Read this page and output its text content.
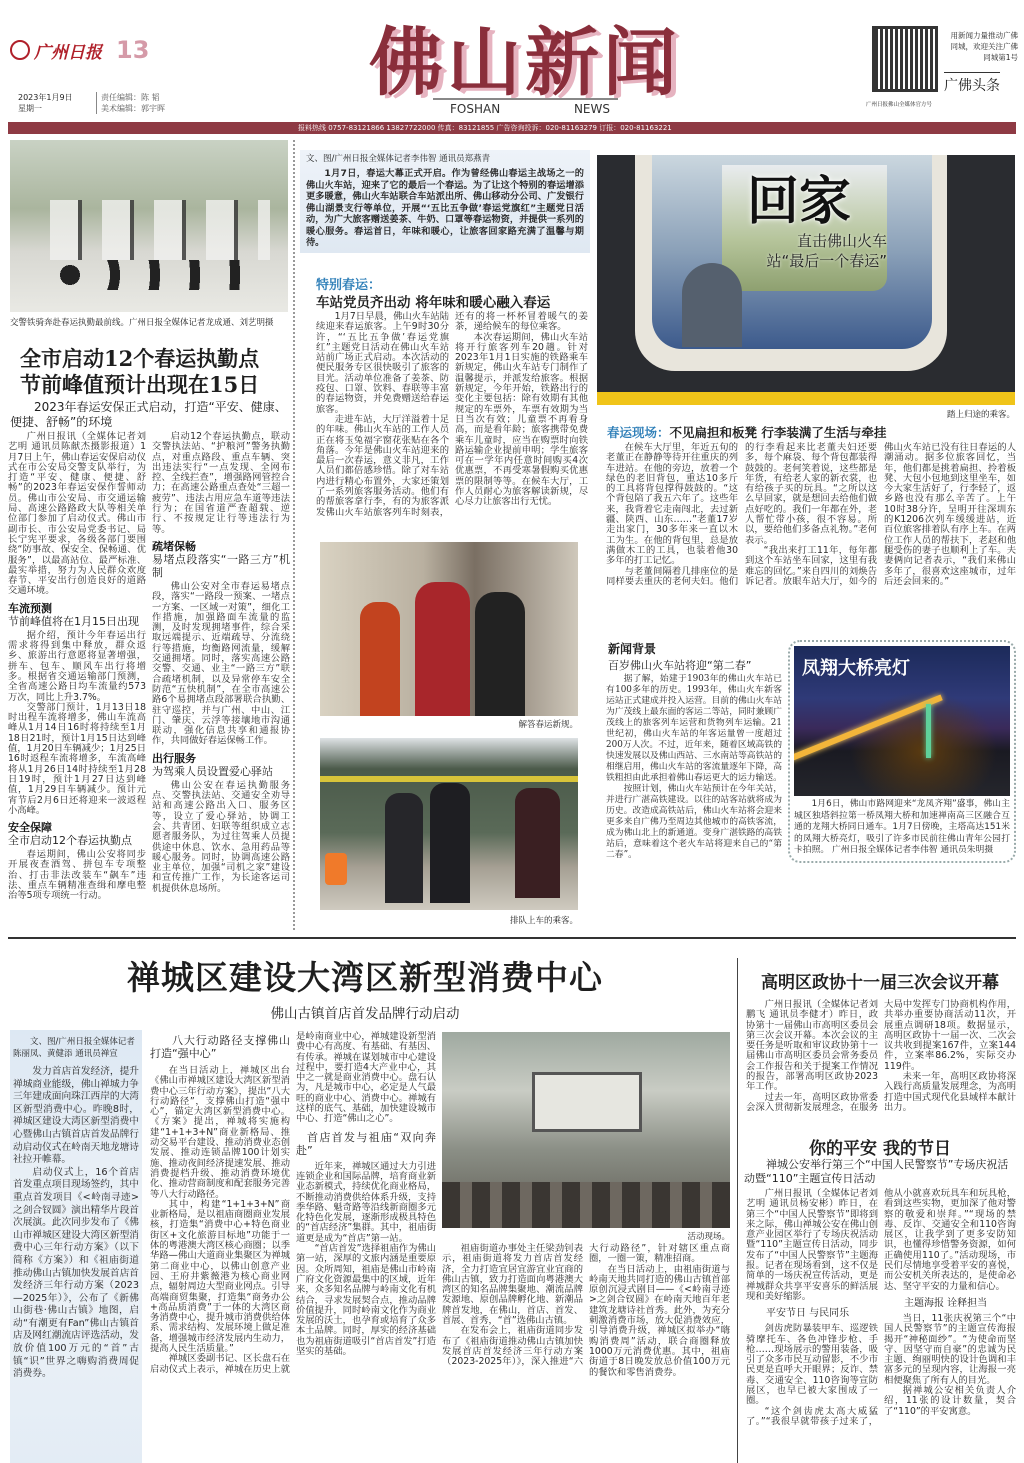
广州日报 13
2023年1月9日
星期一
责任编辑：陈 韬
美术编辑：郭宇晖
佛山新闻
FOSHAN	NEWS
用新闻力量推动广佛同城，欢迎关注广佛同城第1号
广佛头条
广州日报佛山全媒体官方号
报料热线 0757-83121866 13827722000 传真：83121855 广告咨询投诉：020-81163279 订报：020-81163221
交警铁骑奔赴春运执勤最前线。广州日报全媒体记者龙成通、刘艺明摄
全市启动12个春运执勤点
节前峰值预计出现在15日
2023年春运安保正式启动，打造“平安、健康、便捷、舒畅”的环境

广州日报讯（全媒体记者刘艺明 通讯员陈献杰摄影报道）1月7日上午，佛山春运安保启动仪式在市公安局交警支队举行，为打造“平安、健康、便捷、舒畅”的2023年春运安保作誓师动员。佛山市公安局、市交通运输局、高速公路路政大队等相关单位部门参加了启动仪式。佛山市副市长、市公安局党委书记、局长宁宪平要求，各级各部门要围绕“防事故、保安全、保畅通、优服务”，以最高站位、最严标准、最实举措，努力为人民群众欢度春节、平安出行创造良好的道路交通环境。

车流预测
节前峰值将在1月15日出现

据介绍，预计今年春运出行需求将得到集中释放，群众返乡、旅游出行意愿将显著增强，拼车、包车、顺风车出行将增多。根据省交通运输部门预测，全省高速公路日均车流量约573万次，同比上升3.7%。

交警部门预计，1月13日18时出程车流将增多，佛山车流高峰从1月14日16时将持续至1月18日21时，预计1月15日达到峰值，1月20日车辆减少；1月25日16时返程车流将增多，车流高峰将从1月26日14时持续至1月28日19时，预计1月27日达到峰值，1月29日车辆减少。预计元宵节后2月6日还将迎来一波返程小高峰。

安全保障
全市启动12个春运执勤点

春运期间，佛山公安将同步开展夜查酒驾、拼包车专项整治、打击非法改装车“飙车”违法、重点车辆精准查缉和摩电整治等5项专项统一行动。

启动12个春运执勤点，联动交警执法站、“护粮河”警务执勤点，对重点路段、重点车辆、突出违法实行“一点发现、全网布控、全线拦查”，增强路网管控合力；在高速公路重点查处“三超一疲劳”、违法占用应急车道等违法行为；在国省道严查超载、逆行、不按规定让行等违法行为等。

疏堵保畅
易堵点段落实“一路三方”机制

佛山公安对全市春运易堵点段，落实“一路段一预案、一堵点一方案、一区域一对策”，细化工作措施，加强路面车流量的监测，及时发现拥堵事件，综合采取远端提示、近端疏导、分流绕行等措施，均衡路网流量，缓解交通拥堵。同时，落实高速公路交警、交通、业主“一路三方”联合疏堵机制，以及异常停车安全防范“五快机制”，在全市高速公路6个易拥堵点段部署联合执勤、驻守巡控，并与广州、中山、江门、肇庆、云浮等接壤地市沟通联动，强化信息共享和通报协作，共同做好春运保畅工作。

出行服务
为驾乘人员设置爱心驿站

佛山公安在春运执勤服务点、交警执法站、交通安全劝导站和高速公路出入口、服务区等，设立了爱心驿站，协调工会、共青团、妇联等组织成立志愿者服务队，为过往驾乘人员提供途中休息、饮水、急用药品等暖心服务。同时，协调高速公路业主单位，加强“司机之家”建设和宣传推广工作，为长途客运司机提供休息场所。

文、图/广州日报全媒体记者李伟智 通讯员郑燕青
1月7日，春运大幕正式开启。作为曾经佛山春运主战场之一的佛山火车站，迎来了它的最后一个春运。为了让这个特别的春运增添更多暖意，佛山火车站联合车站派出所、佛山移动分公司、广发银行佛山湖景支行等单位，开展“‘五比五争做’春运党旗红”主题党日活动，为广大旅客赠送姜茶、牛奶、口罩等春运物资，并提供一系列的暖心服务。春运首日，年味和暖心，让旅客回家路充满了温馨与期待。
特别春运：
车站党员齐出动 将年味和暖心融入春运

1月7日早晨，佛山火车站陆续迎来春运旅客。上午9时30分许，“‘五比五争做’春运党旗红”主题党日活动在佛山火车站站前广场正式启动。本次活动的便民服务专区很快吸引了旅客的目光。活动单位准备了姜茶、防疫包、口罩、饮料、春联等丰富的春运物资，并免费赠送给春运旅客。

走进车站，大厅洋溢着十足的年味。佛山火车站的工作人员正在将玉兔福字窗花张贴在各个角落。今年是佛山火车站迎来的最后一次春运，意义非凡，工作人员们都倍感珍惜。除了对车站内进行精心布置外，大家还策划了一系列旅客服务活动。他们有的帮旅客拿行李，有的为旅客派发佛山火车站旅客列车时刻表，还有的将一杯杯冒着暖气的姜茶，递给候车的每位乘客。

本次春运期间，佛山火车站将开行旅客列车20趟。针对2023年1月1日实施的铁路乘车新规定，佛山火车站专门制作了温馨提示，并派发给旅客。根据新规定，今年开始，铁路出行的变化主要包括：除有效期有其他规定的车票外，车票有效期为当日当次有效；儿童票不再看身高，而是看年龄；旅客携带免费乘车儿童时，应当在购票时向铁路运输企业提前申明；学生旅客可在一学年内任意时间购买4次优惠票，不再受寒暑假购买优惠票的限制等等。在候车大厅，工作人员耐心为旅客解读新规，尽心尽力让旅客出行无忧。

解答春运新规。
排队上车的乘客。
回家
直击佛山火车
站“最后一个春运”
踏上归途的乘客。
春运现场：不见扁担和板凳 行李装满了生活与牵挂

在候车大厅里，年近五旬的老董正在静静等待开往重庆的列车进站。在他的旁边，放着一个绿色的老旧背包，重达10多斤的工具将背包撑得鼓鼓的。“这个背包陪了我五六年了。这些年来，我背着它走南闯北，去过新疆、陕西、山东……”老董17岁走出家门，30多年来一直以木工为生。在他的背包里，总是放满做木工的工具，也装着他30多年的打工记忆。

与老董间隔着几排座位的是同样要去重庆的老何夫妇。他们的行李看起来比老董夫妇还要多，每个麻袋、每个背包都装得鼓鼓的。老何笑着说，这些都是年货，有给老人家的新衣裳，也有给孩子买的玩具。“之所以这么早回家，就是想回去给他们做点好吃的。我们一年都在外，老人帮忙带小孩，很不容易。所以，要给他们多备点礼物。”老何表示。

“我出来打工11年，每年都到这个车站坐车回家，这里有我难忘的回忆。”来自四川的刘焕告诉记者。放眼车站大厅，如今的佛山火车站已没有往日春运的人潮涌动。据多位旅客回忆，当年，他们都是挑着扁担、拎着板凳、大包小包地到这里坐车，如今大家生活好了，行李轻了，返乡路也没有那么辛苦了。上午10时38分许，呈明开往深圳东的K1206次列车缓缓进站，近百位旅客排着队有序上车。在两位工作人员的帮扶下，老赵和他腿受伤的妻子也顺利上了车。夫妻俩向记者表示，“我们来佛山多年了，很喜欢这座城市，过年后还会回来的。”

新闻背景
百岁佛山火车站将迎“第二春”

据了解，始建于1903年的佛山火车站已有100多年的历史。1993年，佛山火车新客运站正式建成并投入运营。目前的佛山火车站为广茂线上最东面的客运二等站，同时兼顾广茂线上的旅客列车运营和货物列车运输。21世纪初，佛山火车站的年客运量曾一度超过200万人次。不过，近年来，随着区域高铁的快速发展以及佛山西站、三水南站等高铁站的相继启用，佛山火车站的客流量逐年下降，高铁粗担由此承担着佛山春运更大的运力输送。

按照计划，佛山火车站预计在今年关站，并进行广湛高铁建设。以往的站客站就将成为历史。改造成高铁站后，佛山火车站将会迎来更多来自广佛乃至周边其他城市的高铁客流，成为佛山北上的新通道。变身广湛铁路的高铁站后，意味着这个老火车站将迎来自己的“第二春”。

凤翔大桥亮灯
1月6日，佛山市路网迎来“龙凤齐翔”盛事，佛山主城区独塔斜拉第一桥凤翔大桥和加速禅南高三区融合互通的龙翔大桥同日通车。1月7日傍晚，主塔高达151米的凤翔大桥亮灯，吸引了许多市民前往佛山青年公园打卡拍照。 广州日报全媒体记者李伟智 通讯员朱明摄
禅城区建设大湾区新型消费中心
佛山古镇首店首发品牌行动启动
文、图/广州日报全媒体记者陈丽凤、黄健添 通讯员禅宣

发力首店首发经济，提升禅城商业能级，佛山禅城力争三年建成面向珠江西岸的大湾区新型消费中心。昨晚8时，禅城区建设大湾区新型消费中心暨佛山古镇首店首发品牌行动启动仪式在岭南天地龙塘诗社拉开帷幕。

启动仪式上，16个首店首发重点项目现场签约，其中重点首发项目《<岭南寻迹>之剑合钗圆》演出精华片段首次展演。此次同步发布了《佛山市禅城区建设大湾区新型消费中心三年行动方案》（以下简称《方案》）和《祖庙街道推动佛山古镇加快发展首店首发经济三年行动方案（2023—2025年）》，公布了《新佛山街巷·佛山古镇》地图，启动“有潮更有Fan”佛山古镇首店及网红潮流店评选活动，发放价值100万元的“首”古镇“识”世界之嗨购消费周促消费券。

八大行动路径支撑佛山打造“强中心”

在当日活动上，禅城区出台《佛山市禅城区建设大湾区新型消费中心三年行动方案》，提出“八大行动路径”，支撑佛山打造“强中心”，锚定大湾区新型消费中心。《方案》提出，禅城将实施构建“1+1+3+N”商业新格局、推动交易平台建设、推动消费业态创发展、推动连锁品牌100计划实施、推动夜间经济提速发展、推动消费提档升级、推动消费环境优化、推动营商制度和配套服务完善等八大行动路径。

其中，构建“1+1+3+N”商业新格局，是以祖庙商圈商业发展核，打造集“消费中心+特色商业街区+文化旅游目标地”功能于一体的粤港澳大湾区核心商圈；以季华路—佛山大道商业集聚区为禅城第二商业中心，以佛山创意产业园、王府井紫薇港为核心商业网点，辐射周边大型商业网点。引导高端商贸集聚，打造集“商务办公+高品质消费”于一体的大湾区商务消费中心，提升城市消费供给体系、需求结构、发展环境上做足准备，增强城市经济发展内生动力，提高人民生活质量。”

禅城区委副书记、区长盘石在启动仪式上表示，禅城在历史上就是岭南商业中心，禅城建设新型消费中心有高度、有基础、有基因、有传承。禅城在谋划城市中心建设过程中，要打造4大产业中心，其中之一就是商业消费中心。盘石认为，凡是城市中心，必定是人气最旺的商业中心、消费中心。禅城有这样的底气、基础，加快建设城市中心、打造“佛山之心”。

首店首发与祖庙“双向奔赴”

近年来，禅城区通过大力引进连锁企业和国际品牌，培育商业新业态新模式，持续优化商业格局，不断推动消费供给体系升级，支持季华路、魁奇路等沿线新商圈多元化特色化发展，逐渐形成极具特色的“首店经济”集群。其中，祖庙街道更是成为“首店”第一站。

“首店首发”选择祖庙作为佛山第一站，深厚的文旅内涵是重要原因。众所周知，祖庙是佛山市岭南广府文化资源最集中的区域，近年来，众多知名品牌与岭南文化有机结合，寻求发展契合点，推动品牌价值提升，同时岭南文化作为商业发展的沃土，也孕育或培育了众多本土品牌。同时，厚实的经济基础也为祖庙街道吸引“首店首发”打造坚实的基础。

活动现场。

祖庙街道办事处主任梁劲钊表示，祖庙街道将发力首店首发经济，全力打造宜居宜游宜业宜商的佛山古镇，致力打造面向粤港澳大湾区的知名品牌集聚地、潮流品牌发源地、原创品牌孵化地、新潮品牌首发地，在佛山，首店、首发、首展、首秀，“首”选佛山古镇。

在发布会上，祖庙街道同步发布了《祖庙街道推动佛山古镇加快发展首店首发经济三年行动方案（2023-2025年）》，深入推进“六大行动路径”，针对辖区重点商圈，一圈一策，精准招商。

在当日活动上，由祖庙街道与岭南天地共同打造的佛山古镇首部原创沉浸式剧目——《<岭南寻迹>之剑合钗圆》在岭南天地百年老建筑龙塘诗社首秀。此外，为充分刺激消费市场，放大促消费效应，引导消费升级，禅城区拟举办“嗨购消费周”活动，联合商圈释放1000万元消费优惠。其中，祖庙街道于8日晚发放总价值100万元的餐饮和零售消费券。

高明区政协十一届三次会议开幕

广州日报讯（全媒体记者刘鹏飞 通讯员李健才）昨日，政协第十一届佛山市高明区委员会第三次会议开幕。本次会议的主要任务是听取和审议政协第十一届佛山市高明区委员会常务委员会工作报告和关于提案工作情况的报告，部署高明区政协2023年工作。

过去一年，高明区政协常委会深入贯彻新发展理念，在服务大局中发挥专门协商机构作用，共举办重要协商活动11次，开展重点调研18项。数据显示，高明区政协十一届一次、二次会议共收到提案167件，立案144件，立案率86.2%，实际交办119件。

未来一年，高明区政协将深入践行高质量发展理念，为高明打造中国式现代化县域样本献计出力。

你的平安 我的节日
禅城公安举行第三个“中国人民警察节”专场庆祝活动暨“110”主题宣传日活动

广州日报讯（全媒体记者刘艺明 通讯员杨安彬）昨日，在第三个“中国人民警察节”即将到来之际，佛山禅城公安在佛山创意产业园区举行了专场庆祝活动暨“110”主题宣传日活动，同步发布了“中国人民警察节”主题海报。记者在现场看到，这不仅是简单的一场庆祝宣传活动，更是禅城群众共享平安喜乐的鲜活展现和美好缩影。

平安节日 与民同乐

剑齿虎防暴装甲车、巡逻铁骑摩托车、各色冲锋步枪、手枪……现场展示的警用装备，吸引了众多市民互动留影，不少市民更是直呼大开眼界；反诈、禁毒、交通安全、110咨询等宣防展区，也早已被大家围成了一圈。

“这个剑齿虎太高大威猛了。”“我很早就带孩子过来了，他从小就喜欢玩具车和玩具枪，看到这些实物，更加深了他对警察的敬爱和崇拜。”“现场的禁毒、反诈、交通安全和110咨询展区，让我学到了更多安防知识，也懂得珍惜警务资源，如何正确使用110了。”活动现场，市民们尽情地享受着平安的喜悦，而公安机关所表达的，是使命必达、坚守平安的力量和信心。

主题海报 诠释担当

当日，11张庆祝第三个“中国人民警察节”的主题宣传海报揭开“神秘面纱”。“为使命而坚守、因坚守而自豪”的忠诚为民主题、绚丽明快的设计色调和丰富多元的呈现内容，让海报一亮相便聚焦了所有人的目光。

据禅城公安相关负责人介绍，11张的设计数量，契合了“110”的平安寓意。
